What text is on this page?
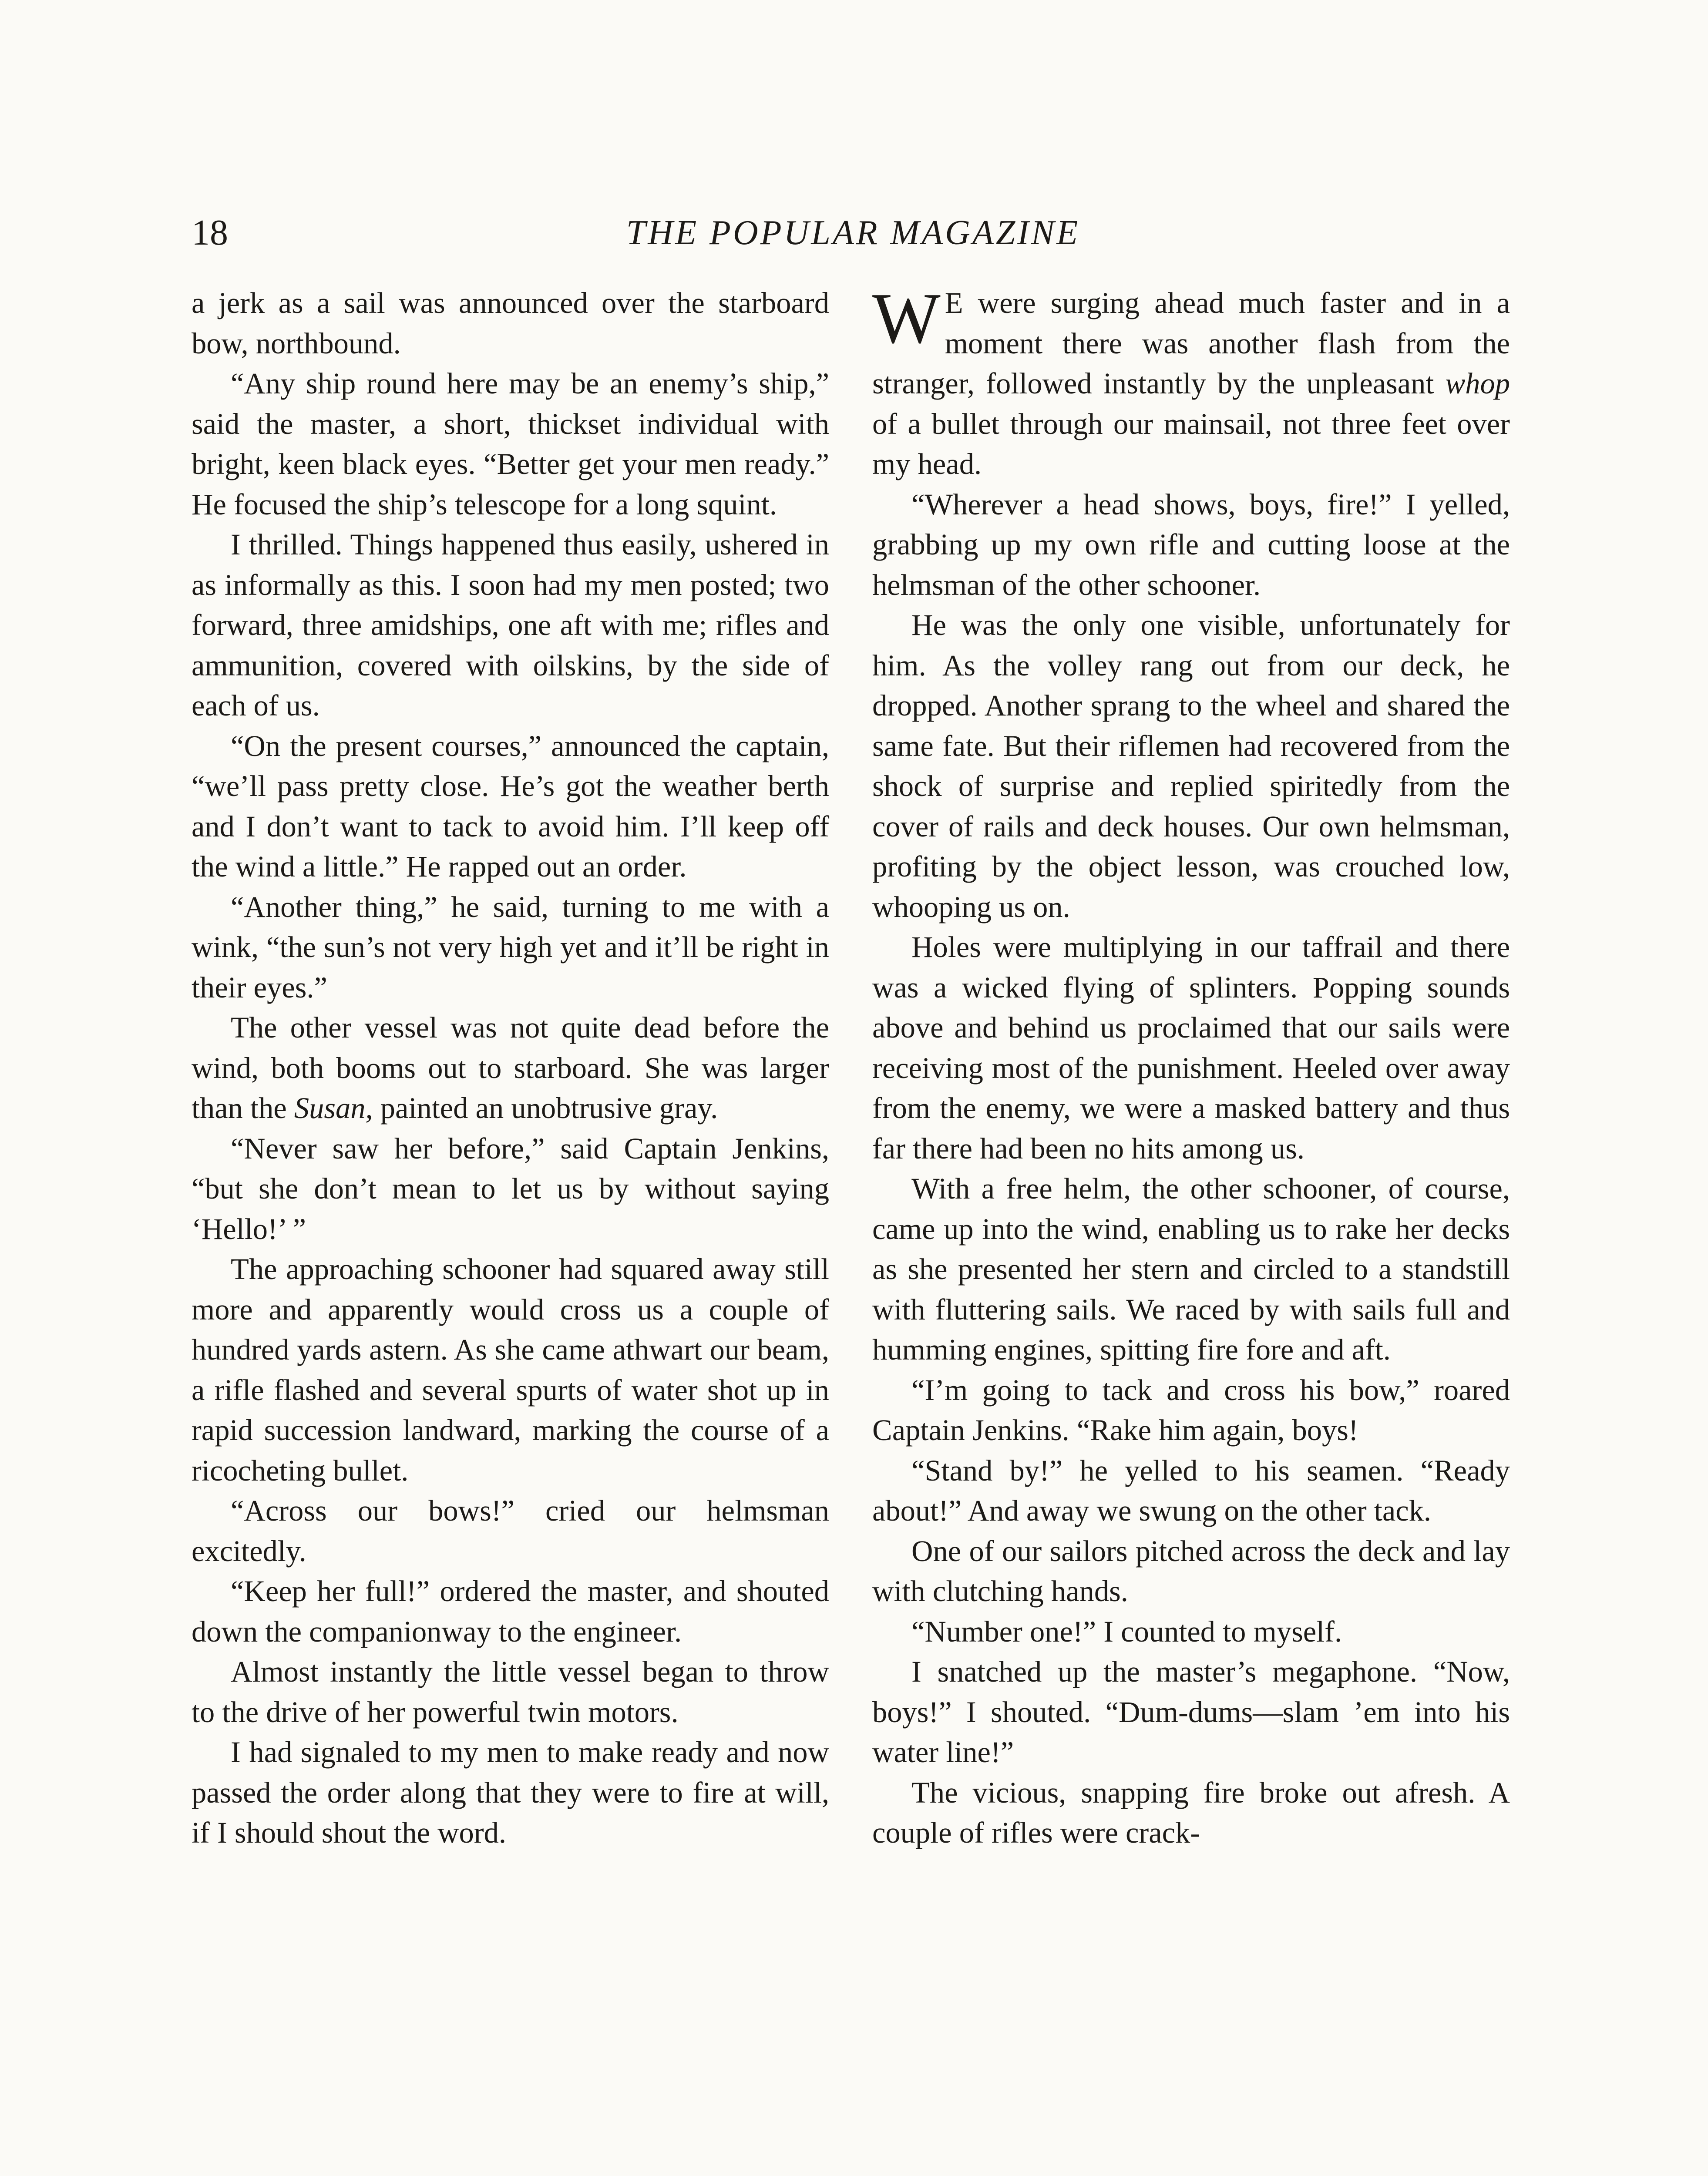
18	THE POPULAR MAGAZINE

a jerk as a sail was announced over the starboard bow, northbound.

“Any ship round here may be an enemy’s ship,” said the master, a short, thickset individual with bright, keen black eyes. “Better get your men ready.” He focused the ship’s telescope for a long squint.

I thrilled. Things happened thus easily, ushered in as informally as this. I soon had my men posted; two forward, three amidships, one aft with me; rifles and ammunition, covered with oilskins, by the side of each of us.

“On the present courses,” announced the captain, “we’ll pass pretty close. He’s got the weather berth and I don’t want to tack to avoid him. I’ll keep off the wind a little.” He rapped out an order.

“Another thing,” he said, turning to me with a wink, “the sun’s not very high yet and it’ll be right in their eyes.”

The other vessel was not quite dead before the wind, both booms out to starboard. She was larger than the Susan, painted an unobtrusive gray.

“Never saw her before,” said Captain Jenkins, “but she don’t mean to let us by without saying ‘Hello!’ ”

The approaching schooner had squared away still more and apparently would cross us a couple of hundred yards astern. As she came athwart our beam, a rifle flashed and several spurts of water shot up in rapid succession landward, marking the course of a ricocheting bullet.

“Across our bows!” cried our helmsman excitedly.

“Keep her full!” ordered the master, and shouted down the companionway to the engineer.

Almost instantly the little vessel began to throw to the drive of her powerful twin motors.

I had signaled to my men to make ready and now passed the order along that they were to fire at will, if I should shout the word.

W E were surging ahead much faster and in a moment there was another flash from the stranger, followed instantly by the unpleasant whop of a bullet through our mainsail, not three feet over my head.

“Wherever a head shows, boys, fire!” I yelled, grabbing up my own rifle and cutting loose at the helmsman of the other schooner.

He was the only one visible, unfortunately for him. As the volley rang out from our deck, he dropped. Another sprang to the wheel and shared the same fate. But their riflemen had recovered from the shock of surprise and replied spiritedly from the cover of rails and deck houses. Our own helmsman, profiting by the object lesson, was crouched low, whooping us on.

Holes were multiplying in our taffrail and there was a wicked flying of splinters. Popping sounds above and behind us proclaimed that our sails were receiving most of the punishment. Heeled over away from the enemy, we were a masked battery and thus far there had been no hits among us.

With a free helm, the other schooner, of course, came up into the wind, enabling us to rake her decks as she presented her stern and circled to a standstill with fluttering sails. We raced by with sails full and humming engines, spitting fire fore and aft.

“I’m going to tack and cross his bow,” roared Captain Jenkins. “Rake him again, boys!

“Stand by!” he yelled to his seamen. “Ready about!” And away we swung on the other tack.

One of our sailors pitched across the deck and lay with clutching hands.

“Number one!” I counted to myself.

I snatched up the master’s megaphone. “Now, boys!” I shouted. “Dum-dums—slam ’em into his water line!”

The vicious, snapping fire broke out afresh. A couple of rifles were crack-
